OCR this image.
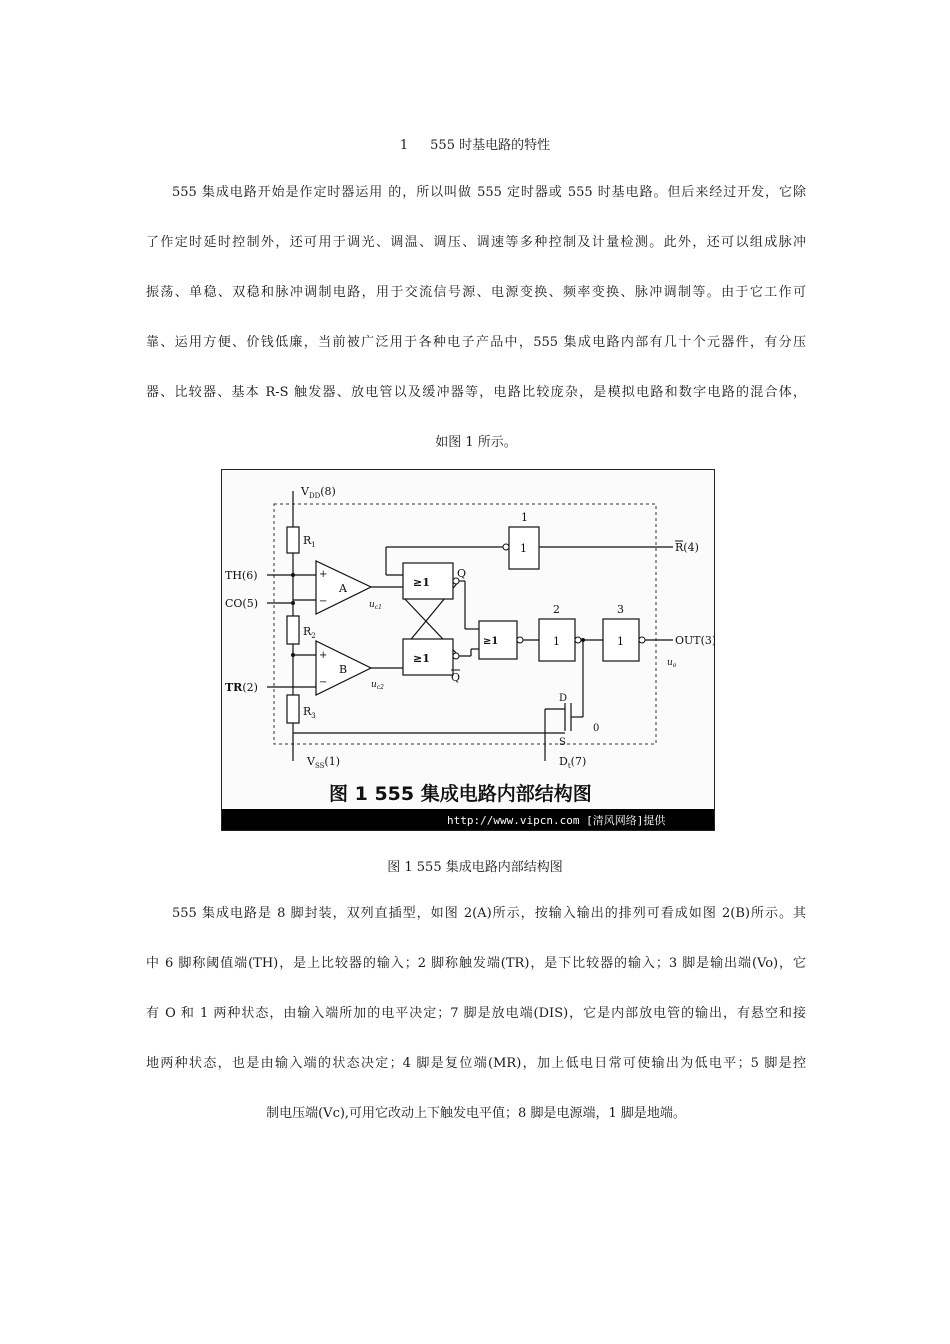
1 555 时基电路的特性
555 集成电路开始是作定时器运用 的，所以叫做 555 定时器或 555 时基电路。但后来经过开发，它除
了作定时延时控制外，还可用于调光、调温、调压、调速等多种控制及计量检测。此外，还可以组成脉冲
振荡、单稳、双稳和脉冲调制电路，用于交流信号源、电源变换、频率变换、脉冲调制等。由于它工作可
靠、运用方便、价钱低廉，当前被广泛用于各种电子产品中，555 集成电路内部有几十个元器件，有分压
器、比较器、基本 R-S 触发器、放电管以及缓冲器等，电路比较庞杂，是模拟电路和数字电路的混合体，
如图 1 所示。
$V_{DD}(8)$
$R_1$
$R_2$
$R_3$
TH(6)
CO(5)
TR(2)
+
−
A
+
−
B
$u_{c1}$
$u_{c2}$
≥1
≥1
Q
Q
≥1
1
1
2
1
3
1
R(4)
OUT(3)
$u_o$
D
S
0
$D_t(7)$
$V_{SS}(1)$
图 1 555 集成电路内部结构图
http://www.vipcn.com [清风网络]提供
图 1 555 集成电路内部结构图
555 集成电路是 8 脚封装，双列直插型，如图 2(A)所示，按输入输出的排列可看成如图 2(B)所示。其
中 6 脚称阈值端(TH)，是上比较器的输入；2 脚称触发端(TR)，是下比较器的输入；3 脚是输出端(Vo)，它
有 O 和 1 两种状态，由输入端所加的电平决定；7 脚是放电端(DIS)，它是内部放电管的输出，有悬空和接
地两种状态，也是由输入端的状态决定；4 脚是复位端(MR)，加上低电日常可使输出为低电平；5 脚是控
制电压端(Vc),可用它改动上下触发电平值；8 脚是电源端，1 脚是地端。
